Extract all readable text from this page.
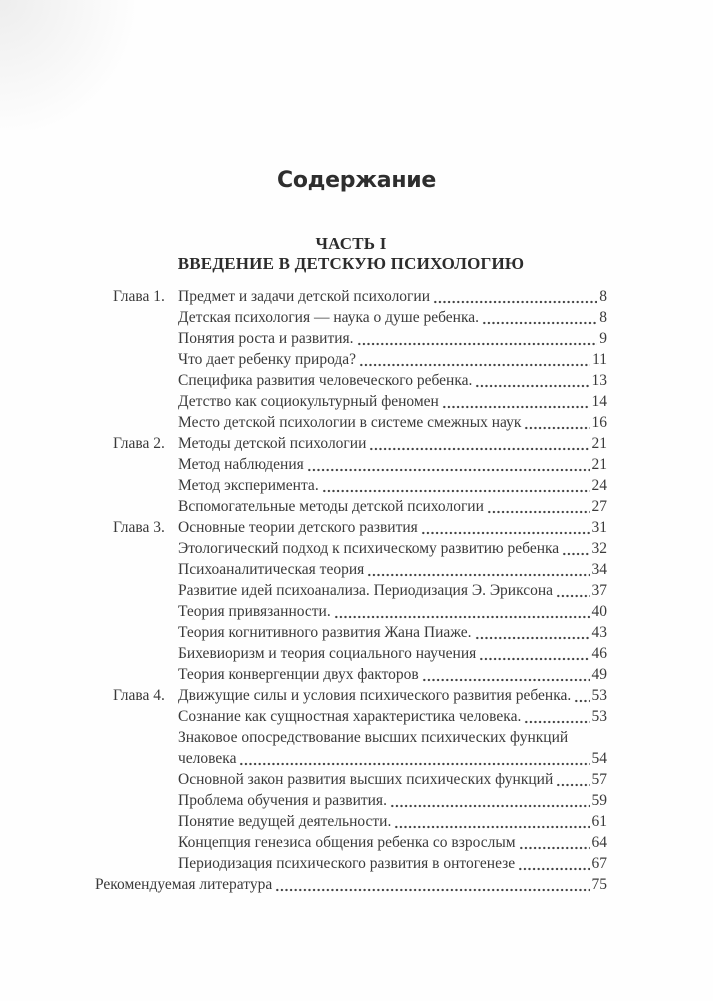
Содержание
ЧАСТЬ I
ВВЕДЕНИЕ В ДЕТСКУЮ ПСИХОЛОГИЮ
Глава 1. Предмет и задачи детской психологии	8
Детская психология — наука о душе ребенка.	8
Понятия роста и развития.	9
Что дает ребенку природа?	11
Специфика развития человеческого ребенка.	13
Детство как социокультурный феномен	14
Место детской психологии в системе смежных наук	16
Глава 2. Методы детской психологии	21
Метод наблюдения	21
Метод эксперимента.	24
Вспомогательные методы детской психологии	27
Глава 3. Основные теории детского развития	31
Этологический подход к психическому развитию ребенка 32
Психоаналитическая теория	34
Развитие идей психоанализа. Периодизация Э. Эриксона 37
Теория привязанности.	40
Теория когнитивного развития Жана Пиаже.	43
Бихевиоризм и теория социального научения	46
Теория конвергенции двух факторов	49
Глава 4. Движущие силы и условия психического развития ребенка. 53
Сознание как сущностная характеристика человека.	53
Знаковое опосредствование высших психических функций
человека	54
Основной закон развития высших психических функций 57
Проблема обучения и развития.	59
Понятие ведущей деятельности.	61
Концепция генезиса общения ребенка со взрослым	64
Периодизация психического развития в онтогенезе	67
Рекомендуемая литература	75
